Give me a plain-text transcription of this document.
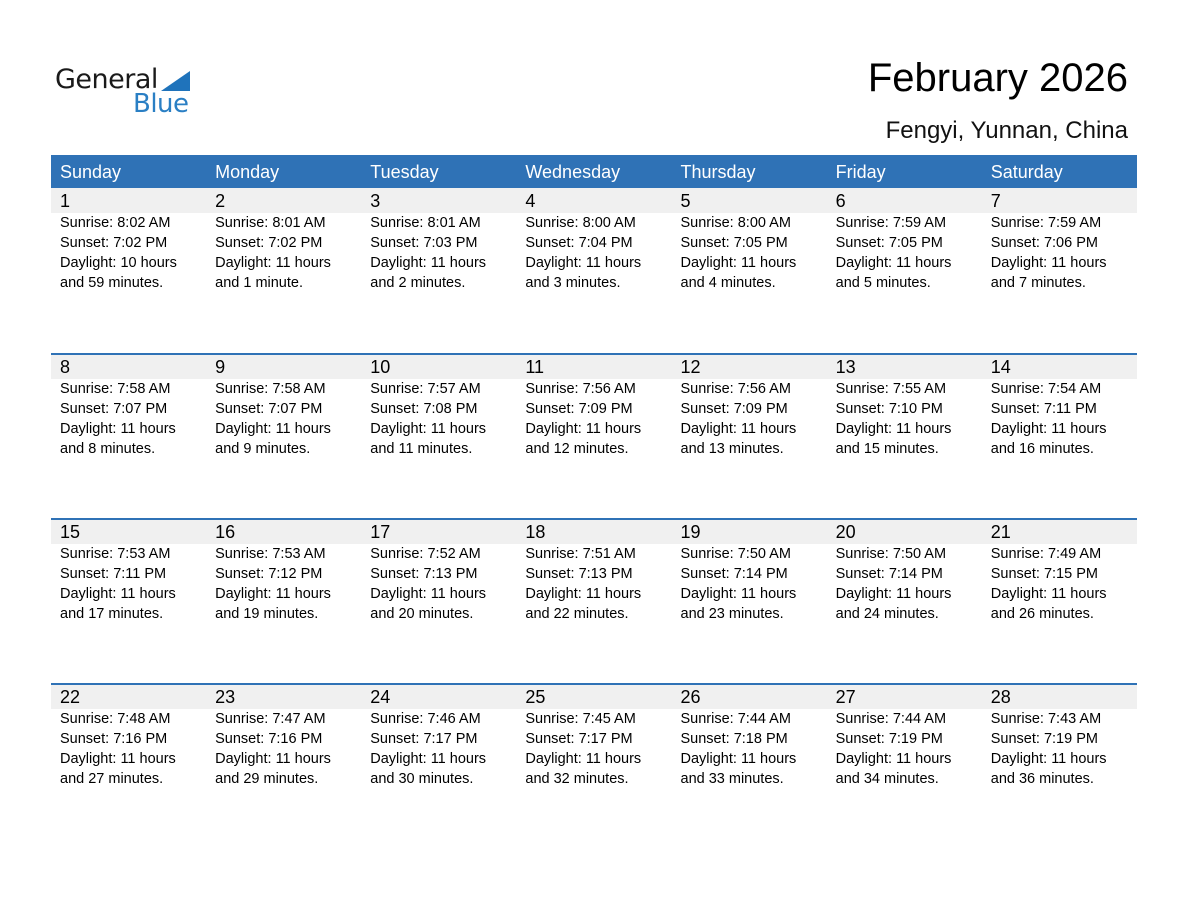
General
Blue
February 2026
Fengyi, Yunnan, China
Sunday	Monday	Tuesday	Wednesday	Thursday	Friday	Saturday
1	2	3	4	5	6	7
Sunrise: 8:02 AM
Sunset: 7:02 PM
Daylight: 10 hours
and 59 minutes.
Sunrise: 8:01 AM
Sunset: 7:02 PM
Daylight: 11 hours
and 1 minute.
Sunrise: 8:01 AM
Sunset: 7:03 PM
Daylight: 11 hours
and 2 minutes.
Sunrise: 8:00 AM
Sunset: 7:04 PM
Daylight: 11 hours
and 3 minutes.
Sunrise: 8:00 AM
Sunset: 7:05 PM
Daylight: 11 hours
and 4 minutes.
Sunrise: 7:59 AM
Sunset: 7:05 PM
Daylight: 11 hours
and 5 minutes.
Sunrise: 7:59 AM
Sunset: 7:06 PM
Daylight: 11 hours
and 7 minutes.
8	9	10	11	12	13	14
Sunrise: 7:58 AM
Sunset: 7:07 PM
Daylight: 11 hours
and 8 minutes.
Sunrise: 7:58 AM
Sunset: 7:07 PM
Daylight: 11 hours
and 9 minutes.
Sunrise: 7:57 AM
Sunset: 7:08 PM
Daylight: 11 hours
and 11 minutes.
Sunrise: 7:56 AM
Sunset: 7:09 PM
Daylight: 11 hours
and 12 minutes.
Sunrise: 7:56 AM
Sunset: 7:09 PM
Daylight: 11 hours
and 13 minutes.
Sunrise: 7:55 AM
Sunset: 7:10 PM
Daylight: 11 hours
and 15 minutes.
Sunrise: 7:54 AM
Sunset: 7:11 PM
Daylight: 11 hours
and 16 minutes.
15	16	17	18	19	20	21
Sunrise: 7:53 AM
Sunset: 7:11 PM
Daylight: 11 hours
and 17 minutes.
Sunrise: 7:53 AM
Sunset: 7:12 PM
Daylight: 11 hours
and 19 minutes.
Sunrise: 7:52 AM
Sunset: 7:13 PM
Daylight: 11 hours
and 20 minutes.
Sunrise: 7:51 AM
Sunset: 7:13 PM
Daylight: 11 hours
and 22 minutes.
Sunrise: 7:50 AM
Sunset: 7:14 PM
Daylight: 11 hours
and 23 minutes.
Sunrise: 7:50 AM
Sunset: 7:14 PM
Daylight: 11 hours
and 24 minutes.
Sunrise: 7:49 AM
Sunset: 7:15 PM
Daylight: 11 hours
and 26 minutes.
22	23	24	25	26	27	28
Sunrise: 7:48 AM
Sunset: 7:16 PM
Daylight: 11 hours
and 27 minutes.
Sunrise: 7:47 AM
Sunset: 7:16 PM
Daylight: 11 hours
and 29 minutes.
Sunrise: 7:46 AM
Sunset: 7:17 PM
Daylight: 11 hours
and 30 minutes.
Sunrise: 7:45 AM
Sunset: 7:17 PM
Daylight: 11 hours
and 32 minutes.
Sunrise: 7:44 AM
Sunset: 7:18 PM
Daylight: 11 hours
and 33 minutes.
Sunrise: 7:44 AM
Sunset: 7:19 PM
Daylight: 11 hours
and 34 minutes.
Sunrise: 7:43 AM
Sunset: 7:19 PM
Daylight: 11 hours
and 36 minutes.
